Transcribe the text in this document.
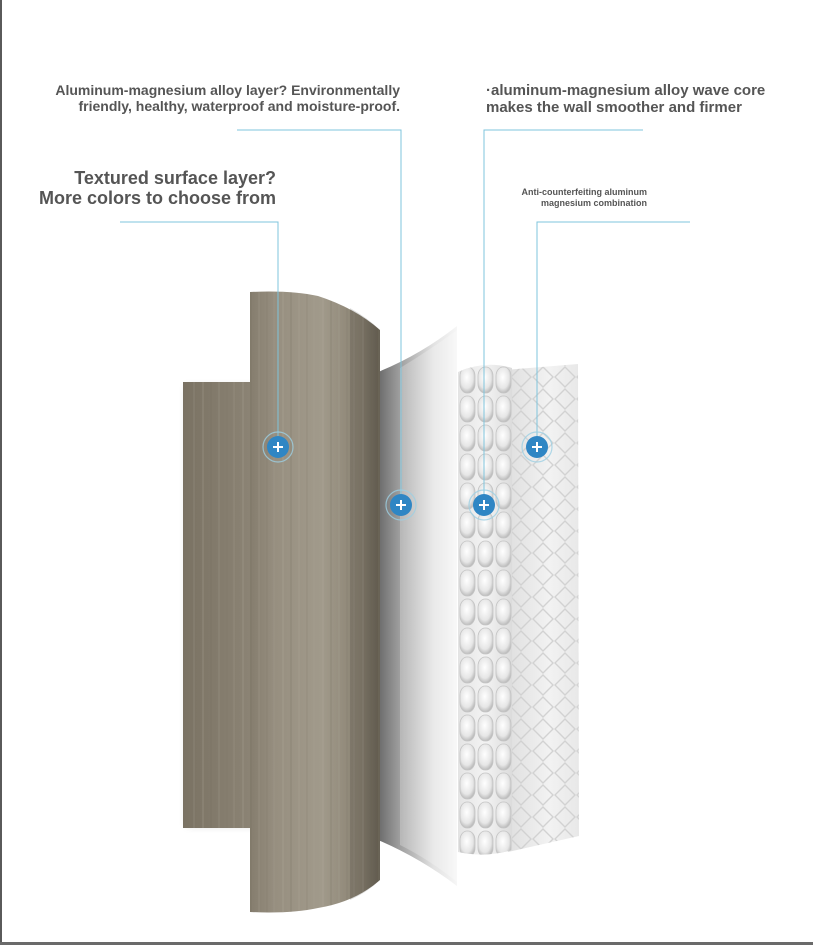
Aluminum-magnesium alloy layer? Environmentally
friendly, healthy, waterproof and moisture-proof.
·aluminum-magnesium alloy wave core
makes the wall smoother and firmer
Textured surface layer?
More colors to choose from	Anti-counterfeiting aluminum
magnesium combination
